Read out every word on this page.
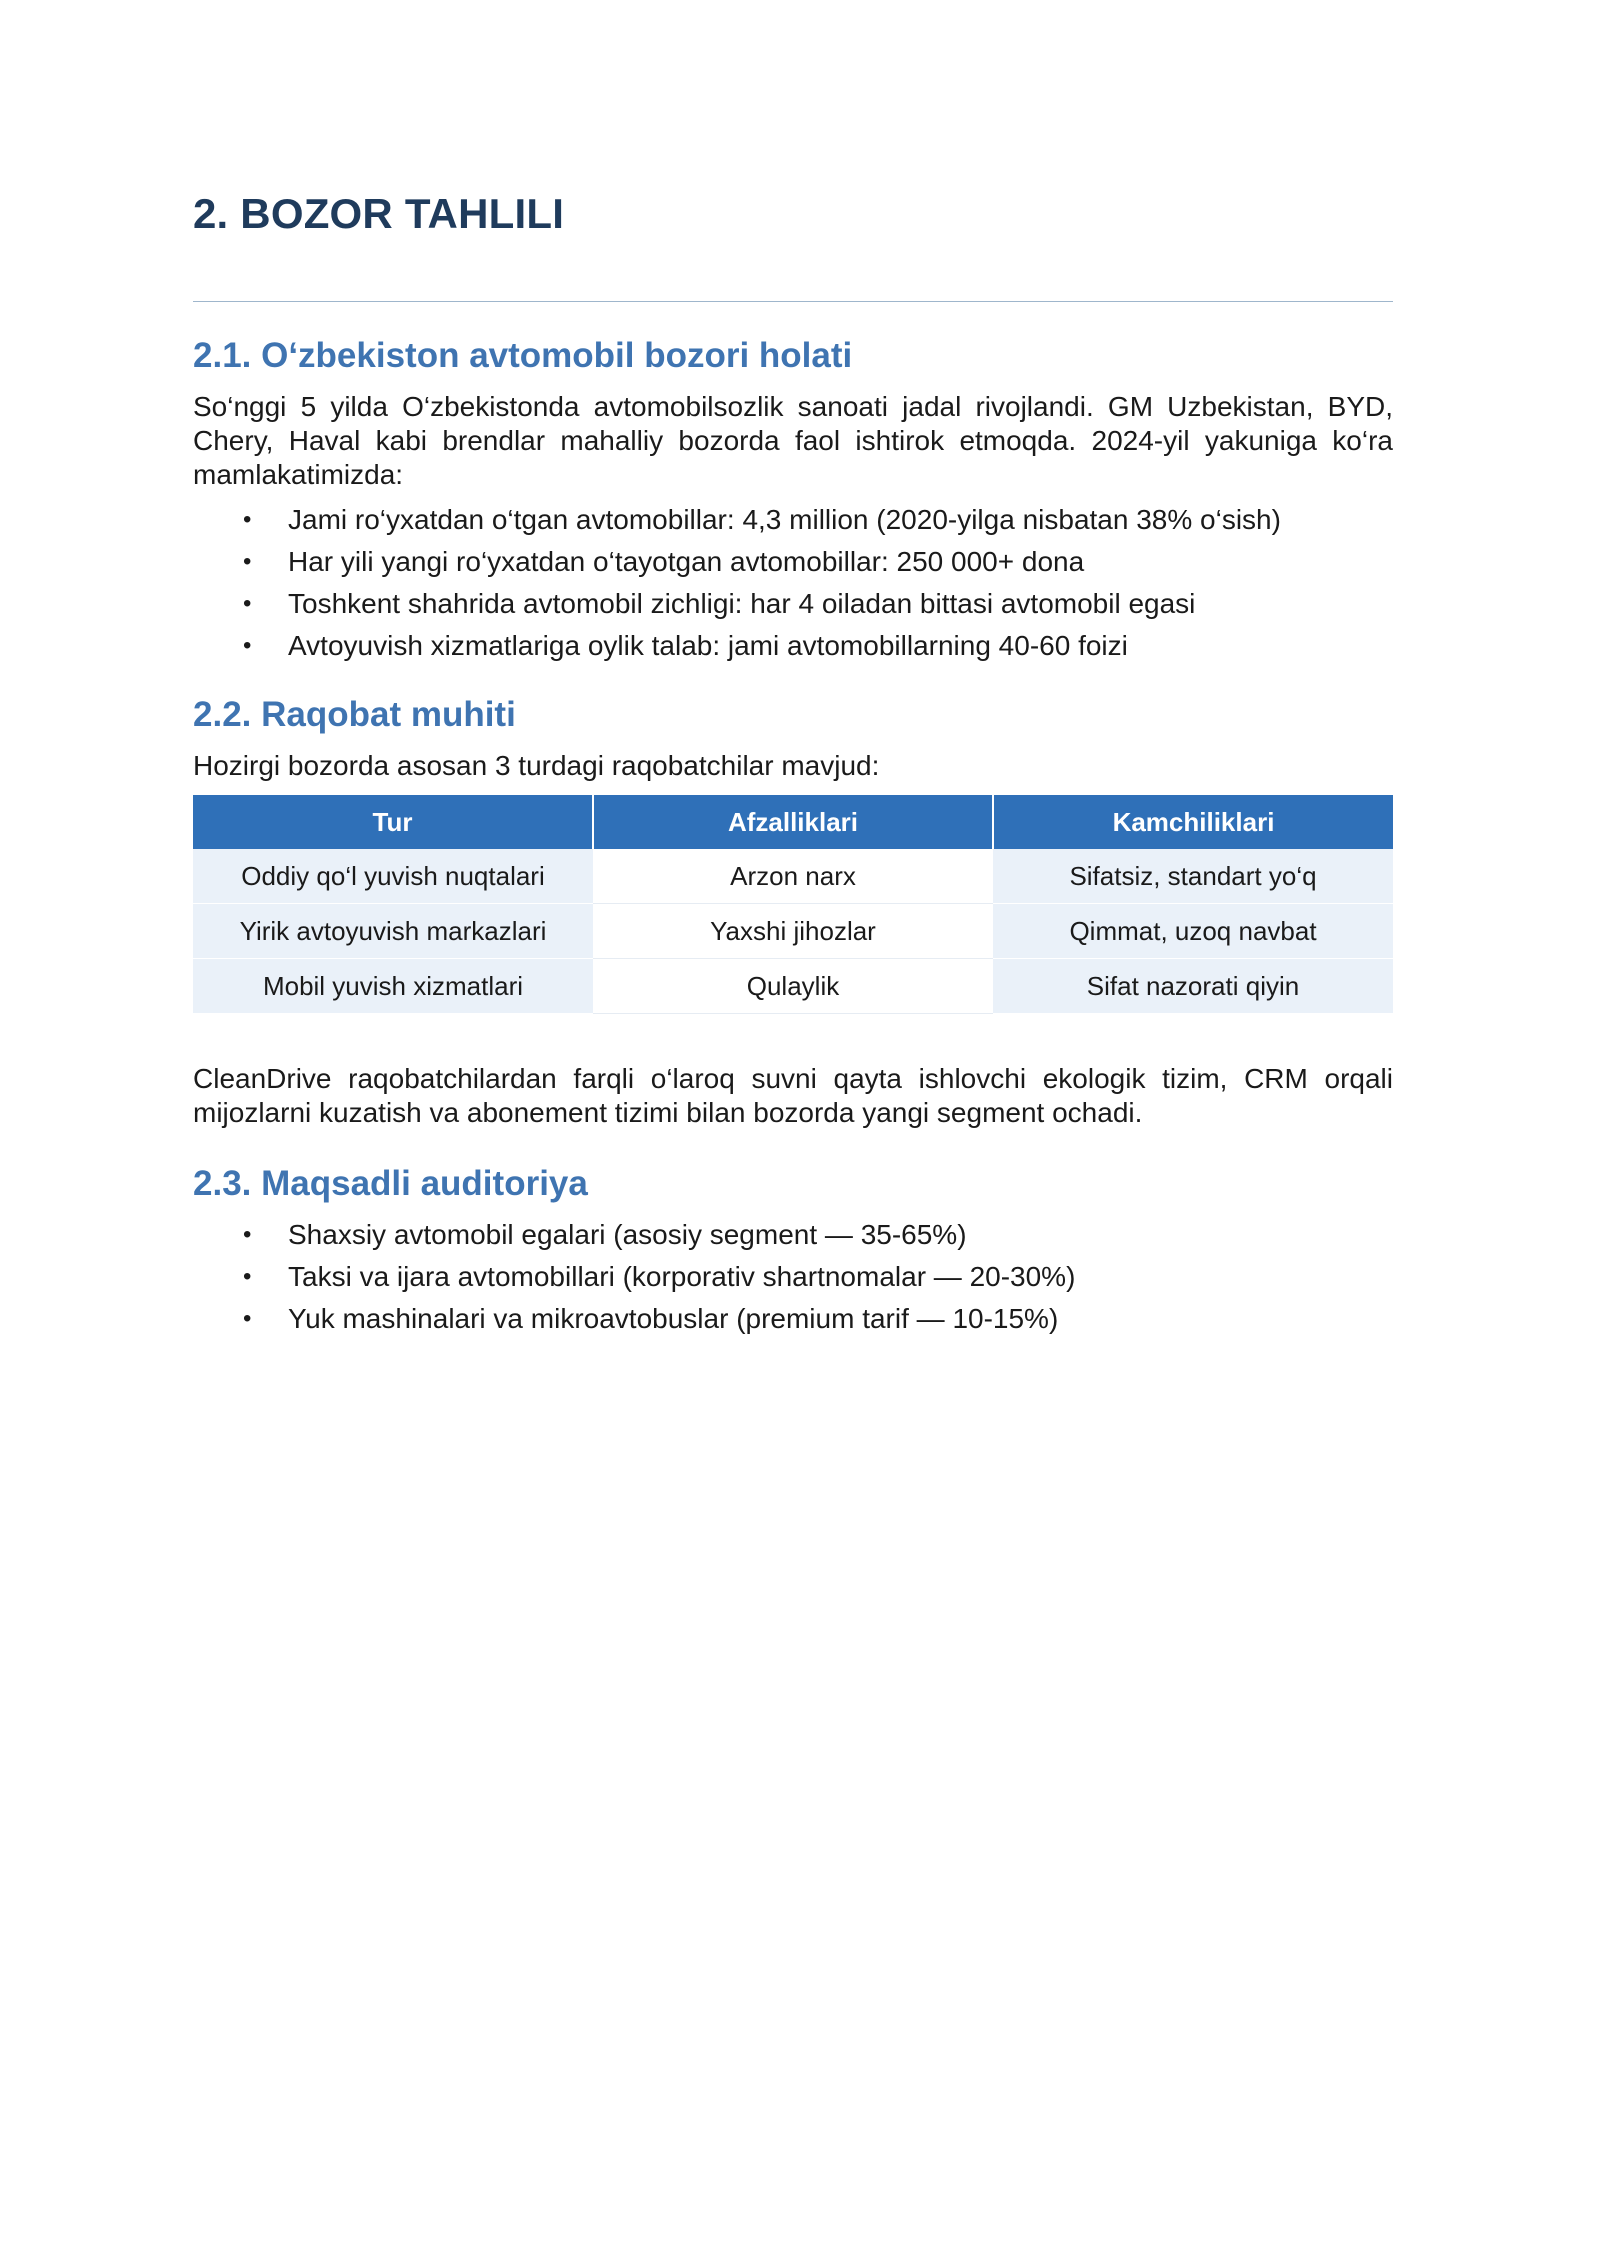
2. BOZOR TAHLILI
2.1. O‘zbekiston avtomobil bozori holati

So‘nggi 5 yilda O‘zbekistonda avtomobilsozlik sanoati jadal rivojlandi. GM Uzbekistan, BYD, Chery, Haval kabi brendlar mahalliy bozorda faol ishtirok etmoqda. 2024-yil yakuniga ko‘ra mamlakatimizda:

• Jami ro‘yxatdan o‘tgan avtomobillar: 4,3 million (2020-yilga nisbatan 38% o‘sish)
• Har yili yangi ro‘yxatdan o‘tayotgan avtomobillar: 250 000+ dona
• Toshkent shahrida avtomobil zichligi: har 4 oiladan bittasi avtomobil egasi
• Avtoyuvish xizmatlariga oylik talab: jami avtomobillarning 40-60 foizi
2.2. Raqobat muhiti

Hozirgi bozorda asosan 3 turdagi raqobatchilar mavjud:

Tur	Afzalliklari	Kamchiliklari
Oddiy qo‘l yuvish nuqtalari	Arzon narx	Sifatsiz, standart yo‘q
Yirik avtoyuvish markazlari	Yaxshi jihozlar	Qimmat, uzoq navbat
Mobil yuvish xizmatlari	Qulaylik	Sifat nazorati qiyin

CleanDrive raqobatchilardan farqli o‘laroq suvni qayta ishlovchi ekologik tizim, CRM orqali mijozlarni kuzatish va abonement tizimi bilan bozorda yangi segment ochadi.

2.3. Maqsadli auditoriya
• Shaxsiy avtomobil egalari (asosiy segment — 35-65%)
• Taksi va ijara avtomobillari (korporativ shartnomalar — 20-30%)
• Yuk mashinalari va mikroavtobuslar (premium tarif — 10-15%)
